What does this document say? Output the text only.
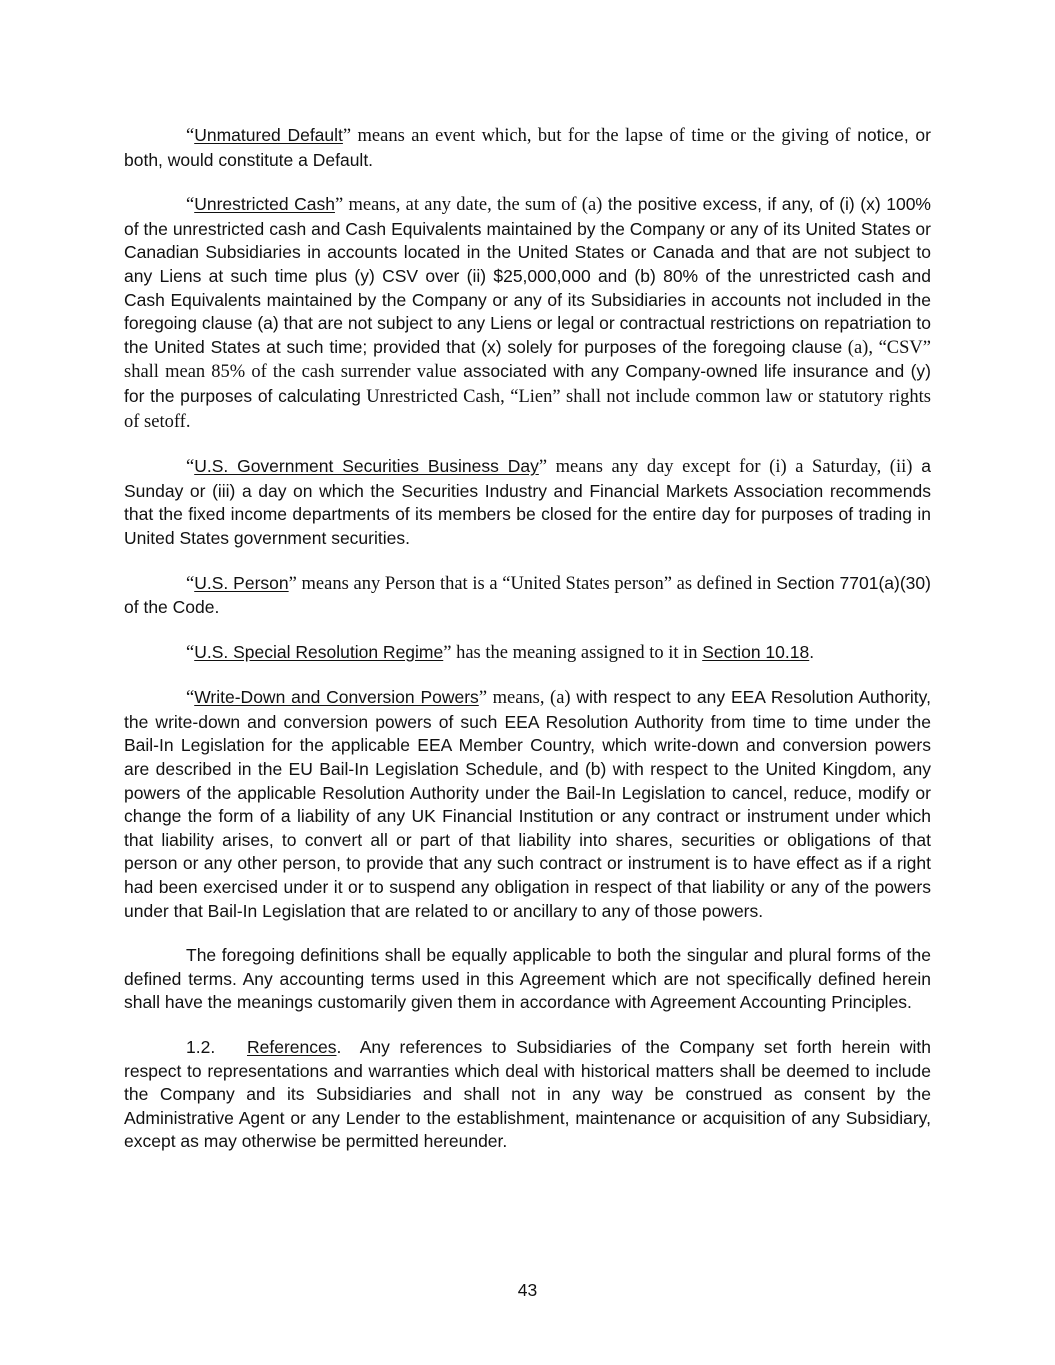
“Unmatured Default” means an event which, but for the lapse of time or the giving of notice, or both, would constitute a Default.

“Unrestricted Cash” means, at any date, the sum of (a) the positive excess, if any, of (i) (x) 100% of the unrestricted cash and Cash Equivalents maintained by the Company or any of its United States or Canadian Subsidiaries in accounts located in the United States or Canada and that are not subject to any Liens at such time plus (y) CSV over (ii) $25,000,000 and (b) 80% of the unrestricted cash and Cash Equivalents maintained by the Company or any of its Subsidiaries in accounts not included in the foregoing clause (a) that are not subject to any Liens or legal or contractual restrictions on repatriation to the United States at such time; provided that (x) solely for purposes of the foregoing clause (a), “CSV” shall mean 85% of the cash surrender value associated with any Company-owned life insurance and (y) for the purposes of calculating Unrestricted Cash, “Lien” shall not include common law or statutory rights of setoff.

“U.S. Government Securities Business Day” means any day except for (i) a Saturday, (ii) a Sunday or (iii) a day on which the Securities Industry and Financial Markets Association recommends that the fixed income departments of its members be closed for the entire day for purposes of trading in United States government securities.

“U.S. Person” means any Person that is a “United States person” as defined in Section 7701(a)(30) of the Code.

“U.S. Special Resolution Regime” has the meaning assigned to it in Section 10.18.

“Write-Down and Conversion Powers” means, (a) with respect to any EEA Resolution Authority, the write-down and conversion powers of such EEA Resolution Authority from time to time under the Bail-In Legislation for the applicable EEA Member Country, which write-down and conversion powers are described in the EU Bail-In Legislation Schedule, and (b) with respect to the United Kingdom, any powers of the applicable Resolution Authority under the Bail-In Legislation to cancel, reduce, modify or change the form of a liability of any UK Financial Institution or any contract or instrument under which that liability arises, to convert all or part of that liability into shares, securities or obligations of that person or any other person, to provide that any such contract or instrument is to have effect as if a right had been exercised under it or to suspend any obligation in respect of that liability or any of the powers under that Bail-In Legislation that are related to or ancillary to any of those powers.

The foregoing definitions shall be equally applicable to both the singular and plural forms of the defined terms. Any accounting terms used in this Agreement which are not specifically defined herein shall have the meanings customarily given them in accordance with Agreement Accounting Principles.

1.2. References.  Any references to Subsidiaries of the Company set forth herein with respect to representations and warranties which deal with historical matters shall be deemed to include the Company and its Subsidiaries and shall not in any way be construed as consent by the Administrative Agent or any Lender to the establishment, maintenance or acquisition of any Subsidiary, except as may otherwise be permitted hereunder.

43
